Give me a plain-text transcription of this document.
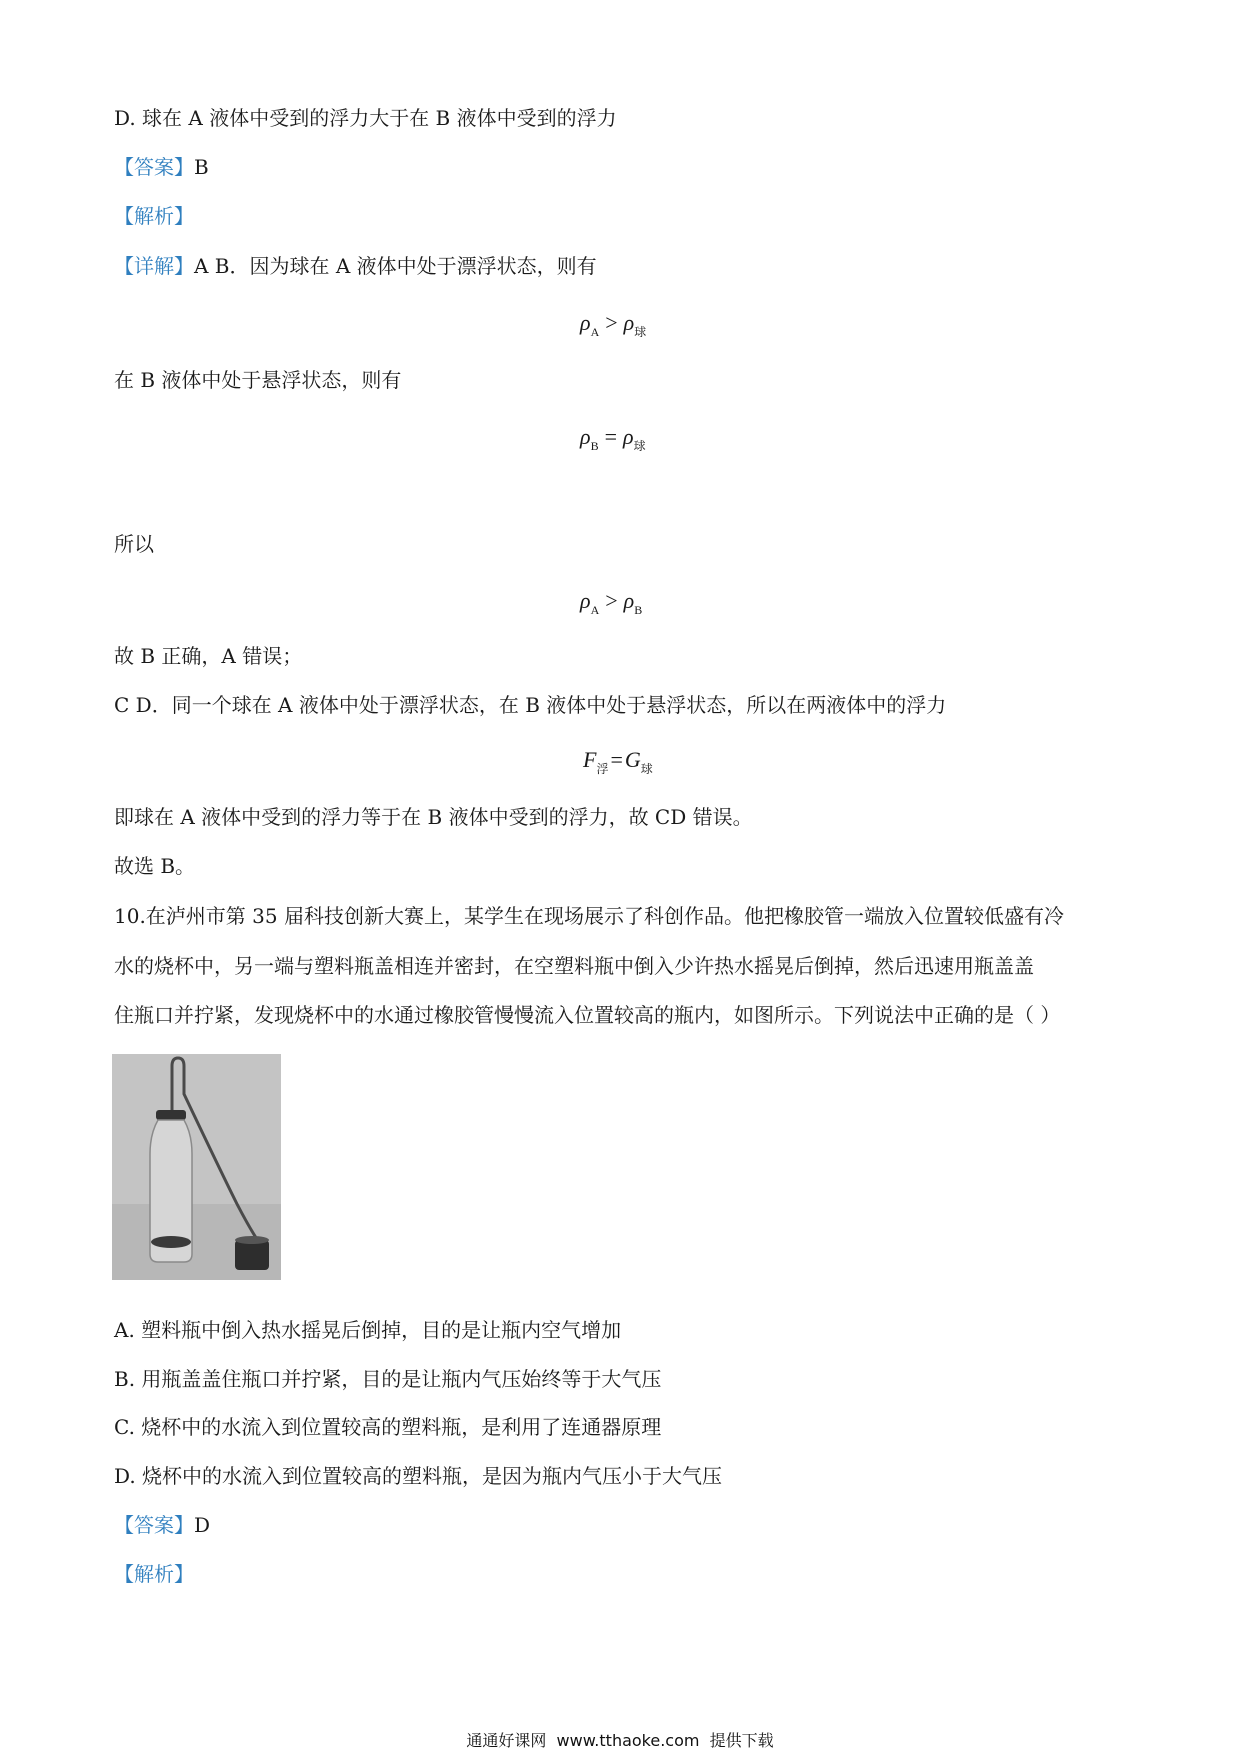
D. 球在 A 液体中受到的浮力大于在 B 液体中受到的浮力
【答案】B
【解析】
【详解】A B．因为球在 A 液体中处于漂浮状态，则有
$\rho_A > \rho_球$
在 B 液体中处于悬浮状态，则有
$\rho_B = \rho_球$
所以
$\rho_A > \rho_B$
故 B 正确，A 错误；
C D．同一个球在 A 液体中处于漂浮状态，在 B 液体中处于悬浮状态，所以在两液体中的浮力
$F_浮=G_球$
即球在 A 液体中受到的浮力等于在 B 液体中受到的浮力，故 CD 错误。
故选 B。
10.在泸州市第 35 届科技创新大赛上，某学生在现场展示了科创作品。他把橡胶管一端放入位置较低盛有冷
水的烧杯中，另一端与塑料瓶盖相连并密封，在空塑料瓶中倒入少许热水摇晃后倒掉，然后迅速用瓶盖盖
住瓶口并拧紧，发现烧杯中的水通过橡胶管慢慢流入位置较高的瓶内，如图所示。下列说法中正确的是（ ）
A. 塑料瓶中倒入热水摇晃后倒掉，目的是让瓶内空气增加
B. 用瓶盖盖住瓶口并拧紧，目的是让瓶内气压始终等于大气压
C. 烧杯中的水流入到位置较高的塑料瓶，是利用了连通器原理
D. 烧杯中的水流入到位置较高的塑料瓶，是因为瓶内气压小于大气压
【答案】D
【解析】
通通好课网  www.tthaoke.com  提供下载
